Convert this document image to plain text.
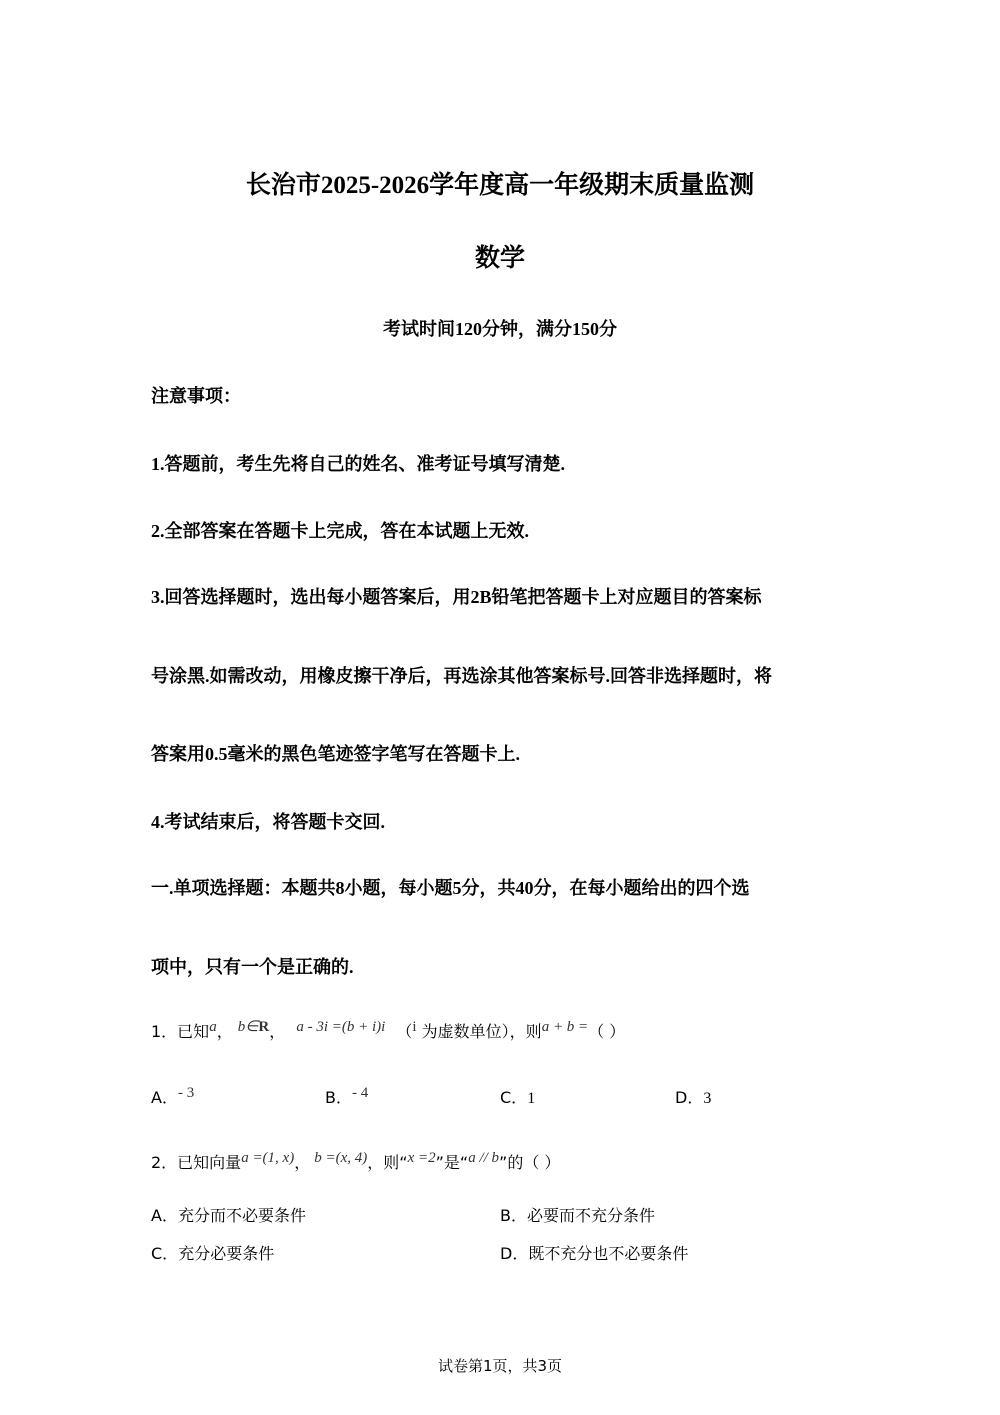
长治市2025-2026学年度高一年级期末质量监测
数学
考试时间120分钟，满分150分
注意事项：
1.答题前，考生先将自己的姓名、准考证号填写清楚.
2.全部答案在答题卡上完成，答在本试题上无效.
3.回答选择题时，选出每小题答案后，用2B铅笔把答题卡上对应题目的答案标
号涂黑.如需改动，用橡皮擦干净后，再选涂其他答案标号.回答非选择题时，将
答案用0.5毫米的黑色笔迹签字笔写在答题卡上.
4.考试结束后，将答题卡交回.
一.单项选择题：本题共8小题，每小题5分，共40分，在每小题给出的四个选
项中，只有一个是正确的.
1．已知a， b∈R， a - 3i =(b + i)i （i 为虚数单位），则a + b =（ ）
A．- 3	B．- 4	C．1	D．3
2．已知向量a =(1, x)， b =(x, 4)，则“x =2”是“a // b”的（ ）
A．充分而不必要条件	B．必要而不充分条件
C．充分必要条件	D．既不充分也不必要条件
试卷第1页，共3页
